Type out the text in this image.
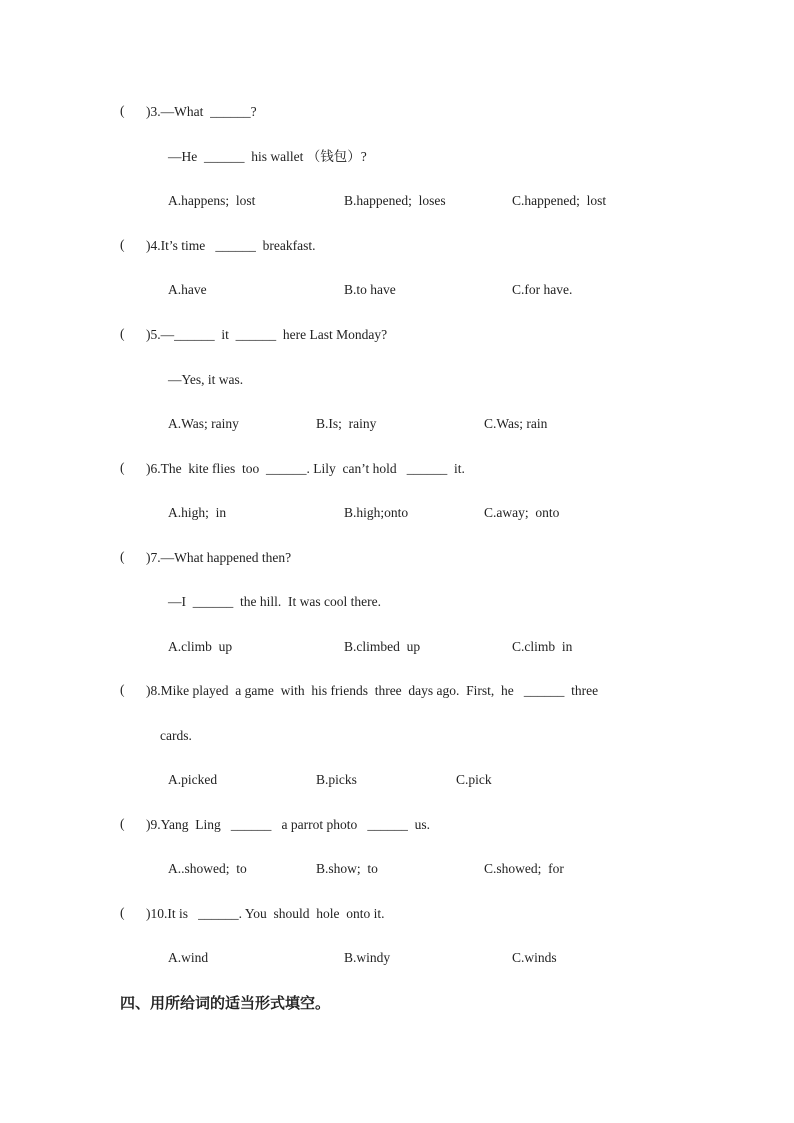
( )3.—What  ______?
—He  ______  his wallet （钱包）?
A.happens;  lost	B.happened;  loses	C.happened;  lost
( )4.It’s time   ______  breakfast.
A.have	B.to have	C.for have.
( )5.—______  it  ______  here Last Monday?
—Yes, it was.
A.Was; rainy	B.Is;  rainy	C.Was; rain
( )6.The  kite flies  too  ______. Lily  can’t hold   ______  it.
A.high;  in	B.high;onto	C.away;  onto
( )7.—What happened then?
—I  ______  the hill.  It was cool there.
A.climb  up	B.climbed  up	C.climb  in
( )8.Mike played  a game  with  his friends  three  days ago.  First,  he   ______  three
cards.
A.picked	B.picks	C.pick
( )9.Yang  Ling   ______   a parrot photo   ______  us.
A..showed;  to	B.show;  to	C.showed;  for
( )10.It is   ______. You  should  hole  onto it.
A.wind	B.windy	C.winds
四、用所给词的适当形式填空。
